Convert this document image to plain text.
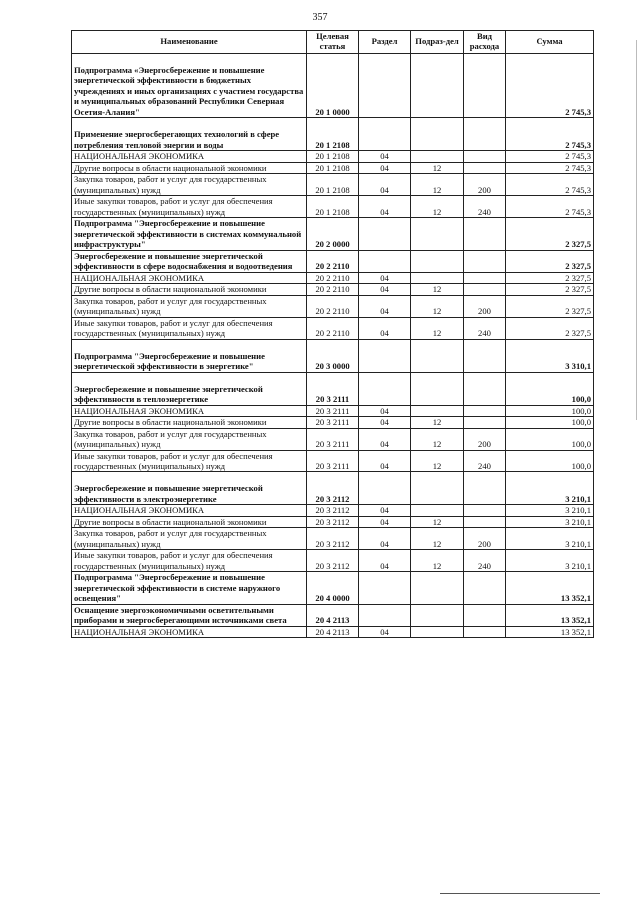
357
Наименование	Целевая статья	Раздел	Подраз-дел	Вид расхода	Сумма
Подпрограмма «Энергосбережение и повышение энергетической эффективности в бюджетных учреждениях и иных организациях с участием государства и муниципальных образований Республики Северная Осетия-Алания"	20 1 0000				2 745,3
Применение энергосберегающих технологий в сфере потребления тепловой энергии и воды	20 1 2108				2 745,3
НАЦИОНАЛЬНАЯ ЭКОНОМИКА	20 1 2108	04			2 745,3
Другие вопросы в области национальной экономики	20 1 2108	04	12		2 745,3
Закупка товаров, работ и услуг для государственных (муниципальных) нужд	20 1 2108	04	12	200	2 745,3
Иные закупки товаров, работ и услуг для обеспечения государственных (муниципальных) нужд	20 1 2108	04	12	240	2 745,3
Подпрограмма "Энергосбережение и повышение энергетической эффективности в системах коммунальной инфраструктуры"	20 2 0000				2 327,5
Энергосбережение и повышение энергетической эффективности в сфере водоснабжения и водоотведения	20 2 2110				2 327,5
НАЦИОНАЛЬНАЯ ЭКОНОМИКА	20 2 2110	04			2 327,5
Другие вопросы в области национальной экономики	20 2 2110	04	12		2 327,5
Закупка товаров, работ и услуг для государственных (муниципальных) нужд	20 2 2110	04	12	200	2 327,5
Иные закупки товаров, работ и услуг для обеспечения государственных (муниципальных) нужд	20 2 2110	04	12	240	2 327,5
Подпрограмма "Энергосбережение и повышение энергетической эффективности в энергетике"	20 3 0000				3 310,1
Энергосбережение и повышение энергетической эффективности в теплоэнергетике	20 3 2111				100,0
НАЦИОНАЛЬНАЯ ЭКОНОМИКА	20 3 2111	04			100,0
Другие вопросы в области национальной экономики	20 3 2111	04	12		100,0
Закупка товаров, работ и услуг для государственных (муниципальных) нужд	20 3 2111	04	12	200	100,0
Иные закупки товаров, работ и услуг для обеспечения государственных (муниципальных) нужд	20 3 2111	04	12	240	100,0
Энергосбережение и повышение энергетической эффективности в электроэнергетике	20 3 2112				3 210,1
НАЦИОНАЛЬНАЯ ЭКОНОМИКА	20 3 2112	04			3 210,1
Другие вопросы в области национальной экономики	20 3 2112	04	12		3 210,1
Закупка товаров, работ и услуг для государственных (муниципальных) нужд	20 3 2112	04	12	200	3 210,1
Иные закупки товаров, работ и услуг для обеспечения государственных (муниципальных) нужд	20 3 2112	04	12	240	3 210,1
Подпрограмма "Энергосбережение и повышение энергетической эффективности в системе наружного освещения"	20 4 0000				13 352,1
Оснащение энергоэкономичными осветительными приборами и энергосберегающими источниками света	20 4 2113				13 352,1
НАЦИОНАЛЬНАЯ ЭКОНОМИКА	20 4 2113	04			13 352,1
